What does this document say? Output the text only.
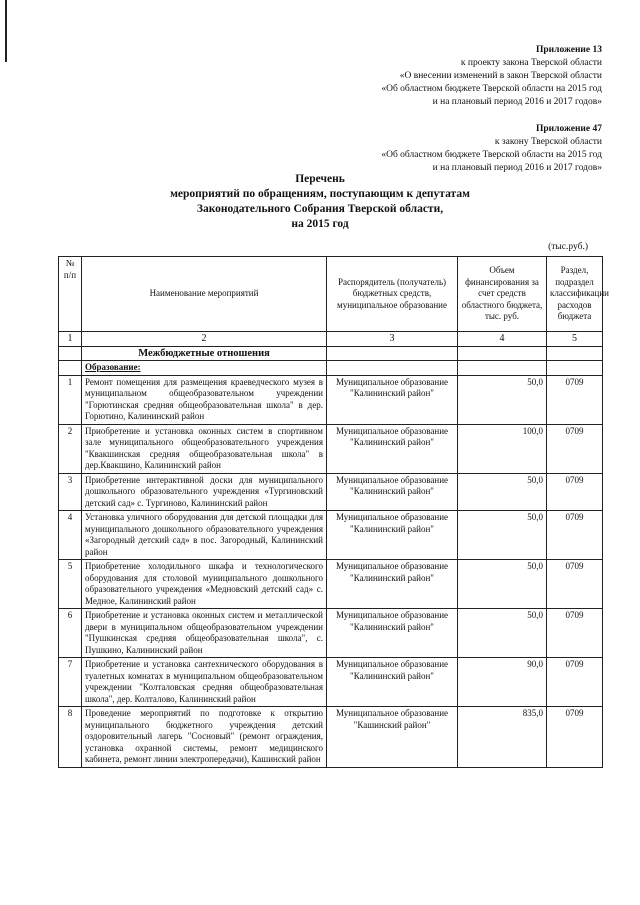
Приложение 13
к проекту закона Тверской области
«О внесении изменений в закон Тверской области
«Об областном бюджете Тверской области на 2015 год
и на плановый период 2016 и 2017 годов»
Приложение 47
к закону Тверской области
«Об областном бюджете Тверской области на 2015 год
и на плановый период 2016 и 2017 годов»
Перечень
мероприятий по обращениям, поступающим к депутатам
Законодательного Собрания Тверской области,
на 2015 год
(тыс.руб.)
№ п/п	Наименование мероприятий	Распорядитель (получатель) бюджетных средств, муниципальное образование	Объем финансирования за счет средств областного бюджета, тыс. руб.	Раздел, подраздел классификации расходов бюджета
1	2	3	4	5
	Межбюджетные отношения			
	Образование:			
1	Ремонт помещения для размещения краеведческого музея в муниципальном общеобразовательном учреждении "Горютинская средняя общеобразовательная школа" в дер. Горютино, Калининский район	Муниципальное образование "Калининский район"	50,0	0709
2	Приобретение и установка оконных систем в спортивном зале муниципального общеобразовательного учреждения "Квакшинская средняя общеобразовательная школа" в дер.Квакшино, Калининский район	Муниципальное образование "Калининский район"	100,0	0709
3	Приобретение интерактивной доски для муниципального дошкольного образовательного учреждения «Тургиновский детский сад» с. Тургиново, Калининский район	Муниципальное образование "Калининский район"	50,0	0709
4	Установка уличного оборудования для детской площадки для муниципального дошкольного образовательного учреждения «Загородный детский сад» в пос. Загородный, Калининский район	Муниципальное образование "Калининский район"	50,0	0709
5	Приобретение холодильного шкафа и технологического оборудования для столовой муниципального дошкольного образовательного учреждения «Медновский детский сад» с. Медное, Калининский район	Муниципальное образование "Калининский район"	50,0	0709
6	Приобретение и установка оконных систем и металлической двери в муниципальном общеобразовательном учреждении "Пушкинская средняя общеобразовательная школа", с. Пушкино, Калининский район	Муниципальное образование "Калининский район"	50,0	0709
7	Приобретение и установка сантехнического оборудования в туалетных комнатах в муниципальном общеобразовательном учреждении "Колталовская средняя общеобразовательная школа", дер. Колталово, Калининский район	Муниципальное образование "Калининский район"	90,0	0709
8	Проведение мероприятий по подготовке к открытию муниципального бюджетного учреждения детский оздоровительный лагерь "Сосновый" (ремонт ограждения, установка охранной системы, ремонт медицинского кабинета, ремонт линии электропередачи), Кашинский район	Муниципальное образование "Кашинский район"	835,0	0709
